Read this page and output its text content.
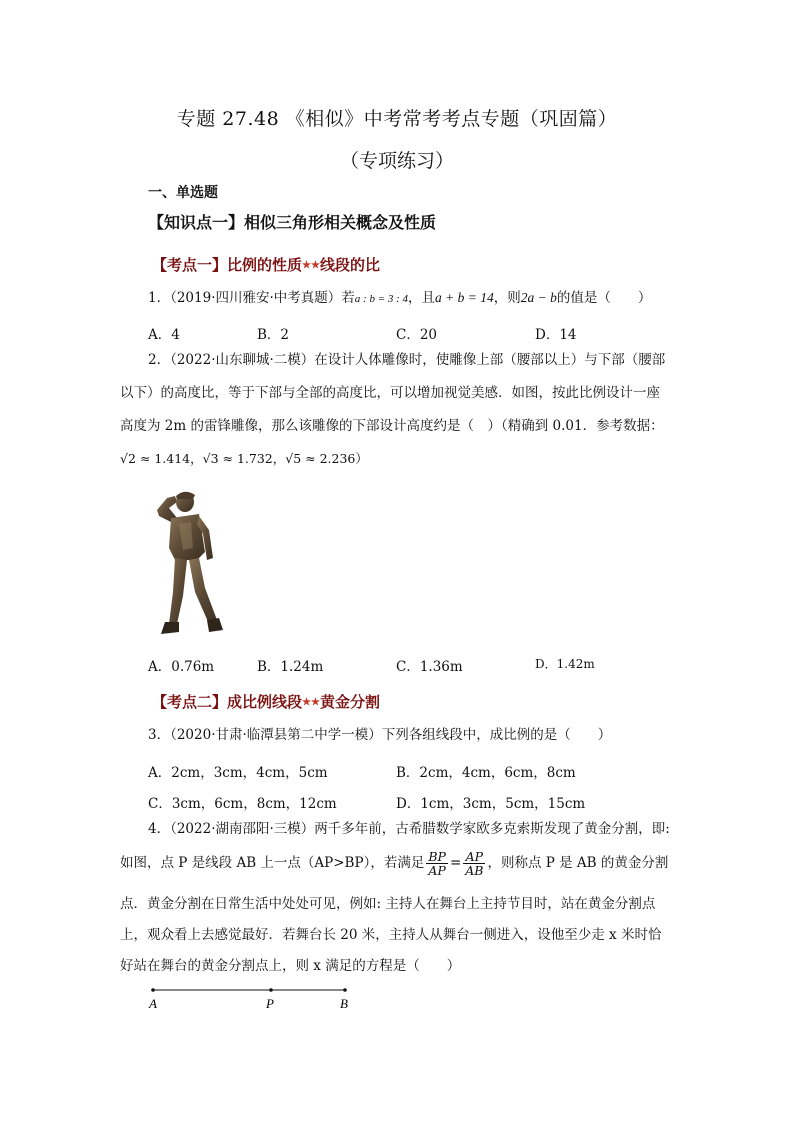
专题 27.48 《相似》中考常考考点专题（巩固篇）
（专项练习）
一、单选题
【知识点一】相似三角形相关概念及性质
【考点一】比例的性质★★线段的比
1．（2019·四川雅安·中考真题）若a : b = 3 : 4，且a + b = 14，则2a − b的值是（　　）
A．4	B．2	C．20	D．14
2．（2022·山东聊城·二模）在设计人体雕像时，使雕像上部（腰部以上）与下部（腰部
以下）的高度比，等于下部与全部的高度比，可以增加视觉美感．如图，按此比例设计一座
高度为 2m 的雷锋雕像，那么该雕像的下部设计高度约是（　）（精确到 0.01．参考数据：
√2 ≈ 1.414，√3 ≈ 1.732，√5 ≈ 2.236）
A．0.76m	B．1.24m	C．1.36m	D．1.42m
【考点二】成比例线段★★黄金分割
3．（2020·甘肃·临潭县第二中学一模）下列各组线段中，成比例的是（　　）
A．2cm，3cm，4cm，5cm	B．2cm，4cm，6cm，8cm
C．3cm，6cm，8cm，12cm	D．1cm，3cm，5cm，15cm
4．（2022·湖南邵阳·三模）两千多年前，古希腊数学家欧多克索斯发现了黄金分割，即:
如图，点 P 是线段 AB 上一点（AP>BP），若满足 $\frac{BP}{AP} = \frac{AP}{AB}$ ，则称点 P 是 AB 的黄金分割
点．黄金分割在日常生活中处处可见，例如: 主持人在舞台上主持节目时，站在黄金分割点
上，观众看上去感觉最好．若舞台长 20 米，主持人从舞台一侧进入，设他至少走 x 米时恰
好站在舞台的黄金分割点上，则 x 满足的方程是（　　）
A	P	B
